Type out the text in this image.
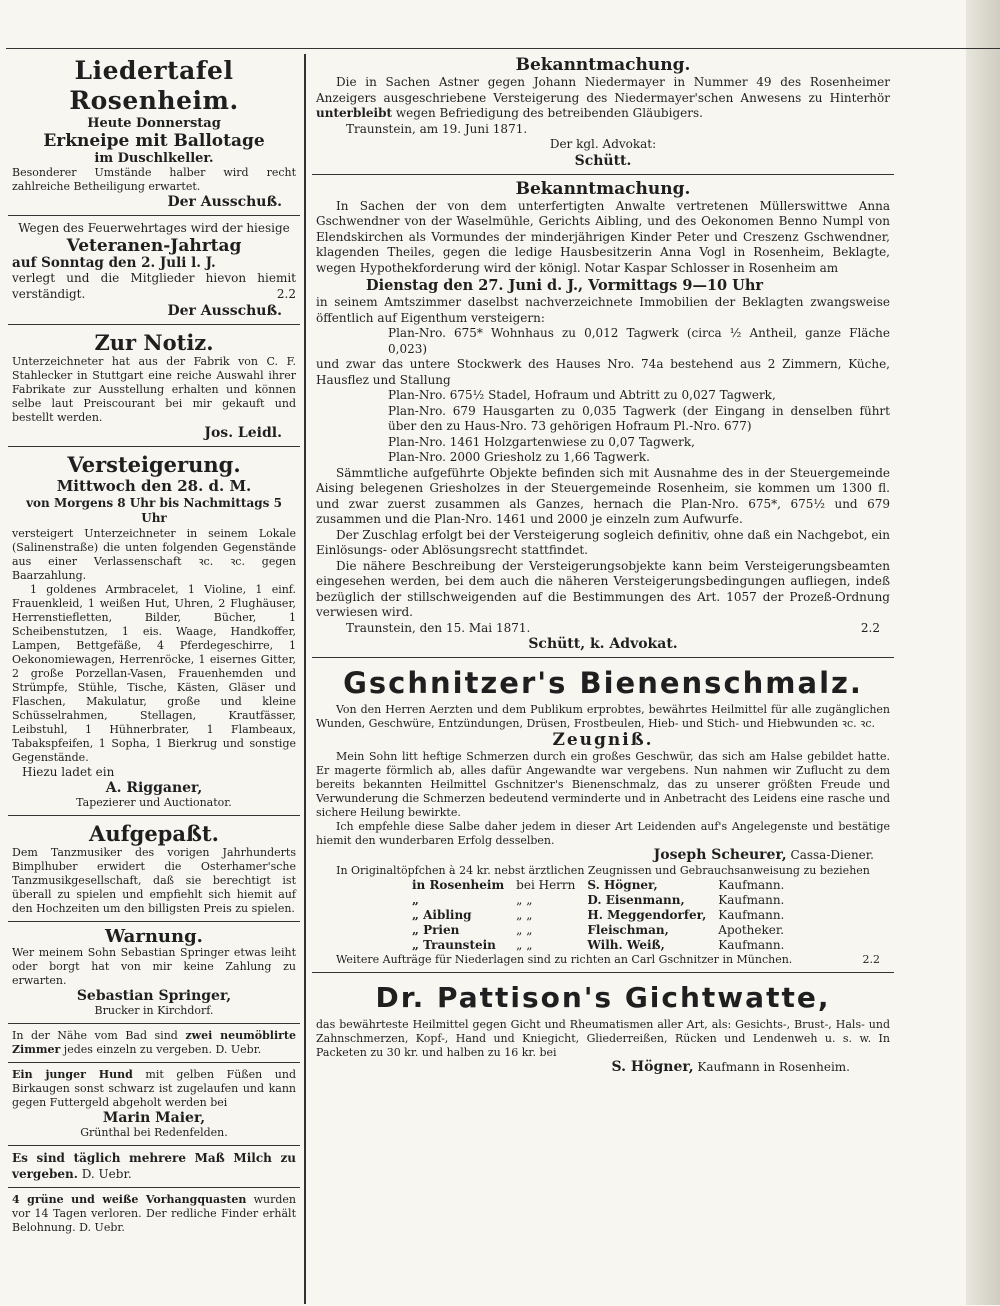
Liedertafel Rosenheim.
Heute Donnerstag
Erkneipe mit Ballotage
im Duschlkeller.

Besonderer Umstände halber wird recht zahlreiche Betheiligung erwartet.

Der Ausschuß.
Wegen des Feuerwehrtages wird der hiesige
Veteranen-Jahrtag
auf Sonntag den 2. Juli l. J.

verlegt und die Mitglieder hievon hiemit verständigt.	2.2
Der Ausschuß.
Zur Notiz.

Unterzeichneter hat aus der Fabrik von C. F. Stahlecker in Stuttgart eine reiche Auswahl ihrer Fabrikate zur Ausstellung erhalten und können selbe laut Preiscourant bei mir gekauft und bestellt werden.

Jos. Leidl.
Versteigerung.
Mittwoch den 28. d. M.
von Morgens 8 Uhr bis Nachmittags 5 Uhr

versteigert Unterzeichneter in seinem Lokale (Salinenstraße) die unten folgenden Gegenstände aus einer Verlassenschaft ꝛc. ꝛc. gegen Baarzahlung.

1 goldenes Armbracelet, 1 Violine, 1 einf. Frauenkleid, 1 weißen Hut, Uhren, 2 Flughäuser, Herrenstiefletten, Bilder, Bücher, 1 Scheibenstutzen, 1 eis. Waage, Handkoffer, Lampen, Bettgefäße, 4 Pferdegeschirre, 1 Oekonomiewagen, Herrenröcke, 1 eisernes Gitter, 2 große Porzellan-Vasen, Frauenhemden und Strümpfe, Stühle, Tische, Kästen, Gläser und Flaschen, Makulatur, große und kleine Schüsselrahmen, Stellagen, Krautfässer, Leibstuhl, 1 Hühnerbrater, 1 Flambeaux, Tabakspfeifen, 1 Sopha, 1 Bierkrug und sonstige Gegenstände.

Hiezu ladet ein
A. Rigganer,
Tapezierer und Auctionator.
Aufgepaßt.

Dem Tanzmusiker des vorigen Jahrhunderts Bimplhuber erwidert die Osterhamer'sche Tanzmusikgesellschaft, daß sie berechtigt ist überall zu spielen und empfiehlt sich hiemit auf den Hochzeiten um den billigsten Preis zu spielen.

Warnung.

Wer meinem Sohn Sebastian Springer etwas leiht oder borgt hat von mir keine Zahlung zu erwarten.

Sebastian Springer,
Brucker in Kirchdorf.

In der Nähe vom Bad sind zwei neumöblirte Zimmer jedes einzeln zu vergeben. D. Uebr.

Ein junger Hund mit gelben Füßen und Birkaugen sonst schwarz ist zugelaufen und kann gegen Futtergeld abgeholt werden bei

Marin Maier,
Grünthal bei Redenfelden.

Es sind täglich mehrere Maß Milch zu vergeben. D. Uebr.

4 grüne und weiße Vorhangquasten wurden vor 14 Tagen verloren. Der redliche Finder erhält Belohnung. D. Uebr.

Bekanntmachung.

Die in Sachen Astner gegen Johann Niedermayer in Nummer 49 des Rosenheimer Anzeigers ausgeschriebene Versteigerung des Niedermayer'schen Anwesens zu Hinterhör unterbleibt wegen Befriedigung des betreibenden Gläubigers.

Traunstein, am 19. Juni 1871.
Der kgl. Advokat:
Schütt.
Bekanntmachung.

In Sachen der von dem unterfertigten Anwalte vertretenen Müllerswittwe Anna Gschwendner von der Waselmühle, Gerichts Aibling, und des Oekonomen Benno Numpl von Elendskirchen als Vormundes der minderjährigen Kinder Peter und Creszenz Gschwendner, klagenden Theiles, gegen die ledige Hausbesitzerin Anna Vogl in Rosenheim, Beklagte, wegen Hypothekforderung wird der königl. Notar Kaspar Schlosser in Rosenheim am

Dienstag den 27. Juni d. J., Vormittags 9—10 Uhr

in seinem Amtszimmer daselbst nachverzeichnete Immobilien der Beklagten zwangsweise öffentlich auf Eigenthum versteigern:

Plan-Nro. 675* Wohnhaus zu 0,012 Tagwerk (circa ½ Antheil, ganze Fläche 0,023)

und zwar das untere Stockwerk des Hauses Nro. 74a bestehend aus 2 Zimmern, Küche, Hausflez und Stallung

Plan-Nro. 675½ Stadel, Hofraum und Abtritt zu 0,027 Tagwerk,

Plan-Nro. 679 Hausgarten zu 0,035 Tagwerk (der Eingang in denselben führt über den zu Haus-Nro. 73 gehörigen Hofraum Pl.-Nro. 677)

Plan-Nro. 1461 Holzgartenwiese zu 0,07 Tagwerk,

Plan-Nro. 2000 Griesholz zu 1,66 Tagwerk.

Sämmtliche aufgeführte Objekte befinden sich mit Ausnahme des in der Steuergemeinde Aising belegenen Griesholzes in der Steuergemeinde Rosenheim, sie kommen um 1300 fl. und zwar zuerst zusammen als Ganzes, hernach die Plan-Nro. 675*, 675½ und 679 zusammen und die Plan-Nro. 1461 und 2000 je einzeln zum Aufwurfe.

Der Zuschlag erfolgt bei der Versteigerung sogleich definitiv, ohne daß ein Nachgebot, ein Einlösungs- oder Ablösungsrecht stattfindet.

Die nähere Beschreibung der Versteigerungsobjekte kann beim Versteigerungsbeamten eingesehen werden, bei dem auch die näheren Versteigerungsbedingungen aufliegen, indeß bezüglich der stillschweigenden auf die Bestimmungen des Art. 1057 der Prozeß-Ordnung verwiesen wird.

Traunstein, den 15. Mai 1871.	2.2
Schütt, k. Advokat.
Gschnitzer's Bienenschmalz.

Von den Herren Aerzten und dem Publikum erprobtes, bewährtes Heilmittel für alle zugänglichen Wunden, Geschwüre, Entzündungen, Drüsen, Frostbeulen, Hieb- und Stich- und Hiebwunden ꝛc. ꝛc.

Zeugniß.

Mein Sohn litt heftige Schmerzen durch ein großes Geschwür, das sich am Halse gebildet hatte. Er magerte förmlich ab, alles dafür Angewandte war vergebens. Nun nahmen wir Zuflucht zu dem bereits bekannten Heilmittel Gschnitzer's Bienenschmalz, das zu unserer größten Freude und Verwunderung die Schmerzen bedeutend verminderte und in Anbetracht des Leidens eine rasche und sichere Heilung bewirkte.

Ich empfehle diese Salbe daher jedem in dieser Art Leidenden auf's Angelegenste und bestätige hiemit den wunderbaren Erfolg desselben.

Joseph Scheurer, Cassa-Diener.

In Originaltöpfchen à 24 kr. nebst ärztlichen Zeugnissen und Gebrauchsanweisung zu beziehen

in Rosenheim	bei Herrn	S. Högner,	Kaufmann.
„	„ „	D. Eisenmann,	Kaufmann.
„ Aibling	„ „	H. Meggendorfer,	Kaufmann.
„ Prien	„ „	Fleischman,	Apotheker.
„ Traunstein	„ „	Wilh. Weiß,	Kaufmann.
Weitere Aufträge für Niederlagen sind zu richten an Carl Gschnitzer in München.	2.2
Dr. Pattison's Gichtwatte,

das bewährteste Heilmittel gegen Gicht und Rheumatismen aller Art, als: Gesichts-, Brust-, Hals- und Zahnschmerzen, Kopf-, Hand und Kniegicht, Gliederreißen, Rücken und Lendenweh u. s. w. In Packeten zu 30 kr. und halben zu 16 kr. bei

S. Högner, Kaufmann in Rosenheim.
